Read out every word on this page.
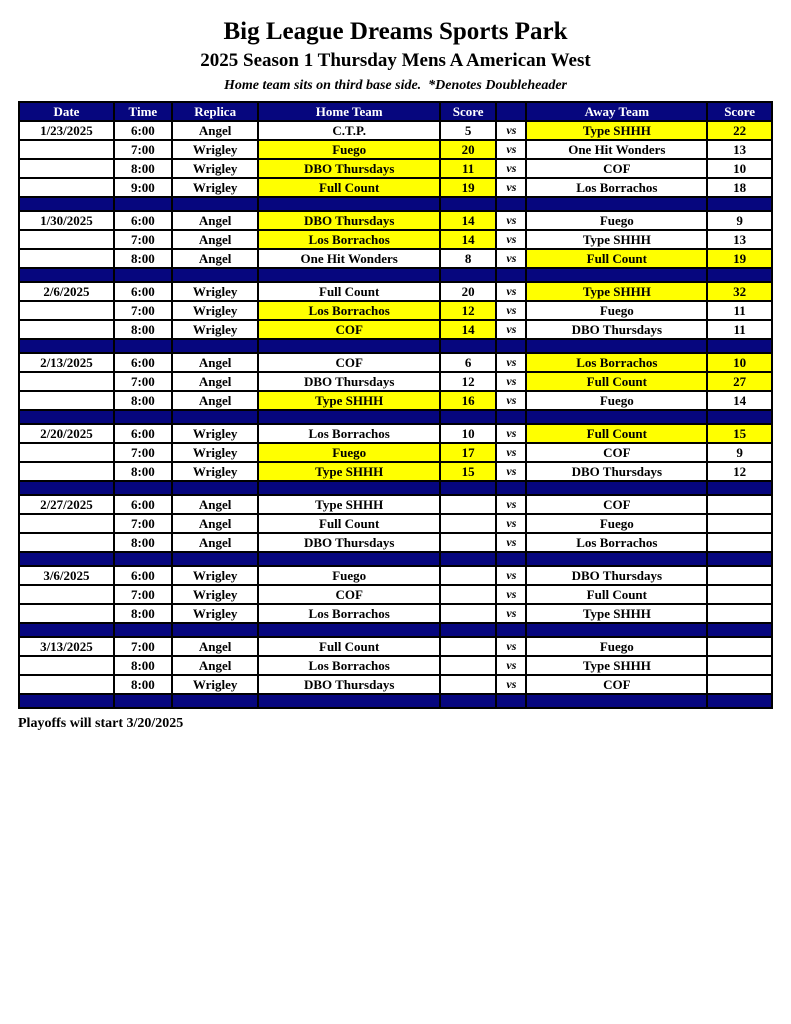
Big League Dreams Sports Park
2025 Season 1 Thursday Mens A American West
Home team sits on third base side.  *Denotes Doubleheader
Date	Time	Replica	Home Team	Score		Away Team	Score
1/23/2025	6:00	Angel	C.T.P.	5	vs	Type SHHH	22
	7:00	Wrigley	Fuego	20	vs	One Hit Wonders	13
	8:00	Wrigley	DBO Thursdays	11	vs	COF	10
	9:00	Wrigley	Full Count	19	vs	Los Borrachos	18

1/30/2025	6:00	Angel	DBO Thursdays	14	vs	Fuego	9
	7:00	Angel	Los Borrachos	14	vs	Type SHHH	13
	8:00	Angel	One Hit Wonders	8	vs	Full Count	19

2/6/2025	6:00	Wrigley	Full Count	20	vs	Type SHHH	32
	7:00	Wrigley	Los Borrachos	12	vs	Fuego	11
	8:00	Wrigley	COF	14	vs	DBO Thursdays	11

2/13/2025	6:00	Angel	COF	6	vs	Los Borrachos	10
	7:00	Angel	DBO Thursdays	12	vs	Full Count	27
	8:00	Angel	Type SHHH	16	vs	Fuego	14

2/20/2025	6:00	Wrigley	Los Borrachos	10	vs	Full Count	15
	7:00	Wrigley	Fuego	17	vs	COF	9
	8:00	Wrigley	Type SHHH	15	vs	DBO Thursdays	12

2/27/2025	6:00	Angel	Type SHHH		vs	COF	
	7:00	Angel	Full Count		vs	Fuego	
	8:00	Angel	DBO Thursdays		vs	Los Borrachos	

3/6/2025	6:00	Wrigley	Fuego		vs	DBO Thursdays	
	7:00	Wrigley	COF		vs	Full Count	
	8:00	Wrigley	Los Borrachos		vs	Type SHHH	

3/13/2025	7:00	Angel	Full Count		vs	Fuego	
	8:00	Angel	Los Borrachos		vs	Type SHHH	
	8:00	Wrigley	DBO Thursdays		vs	COF	

Playoffs will start 3/20/2025
